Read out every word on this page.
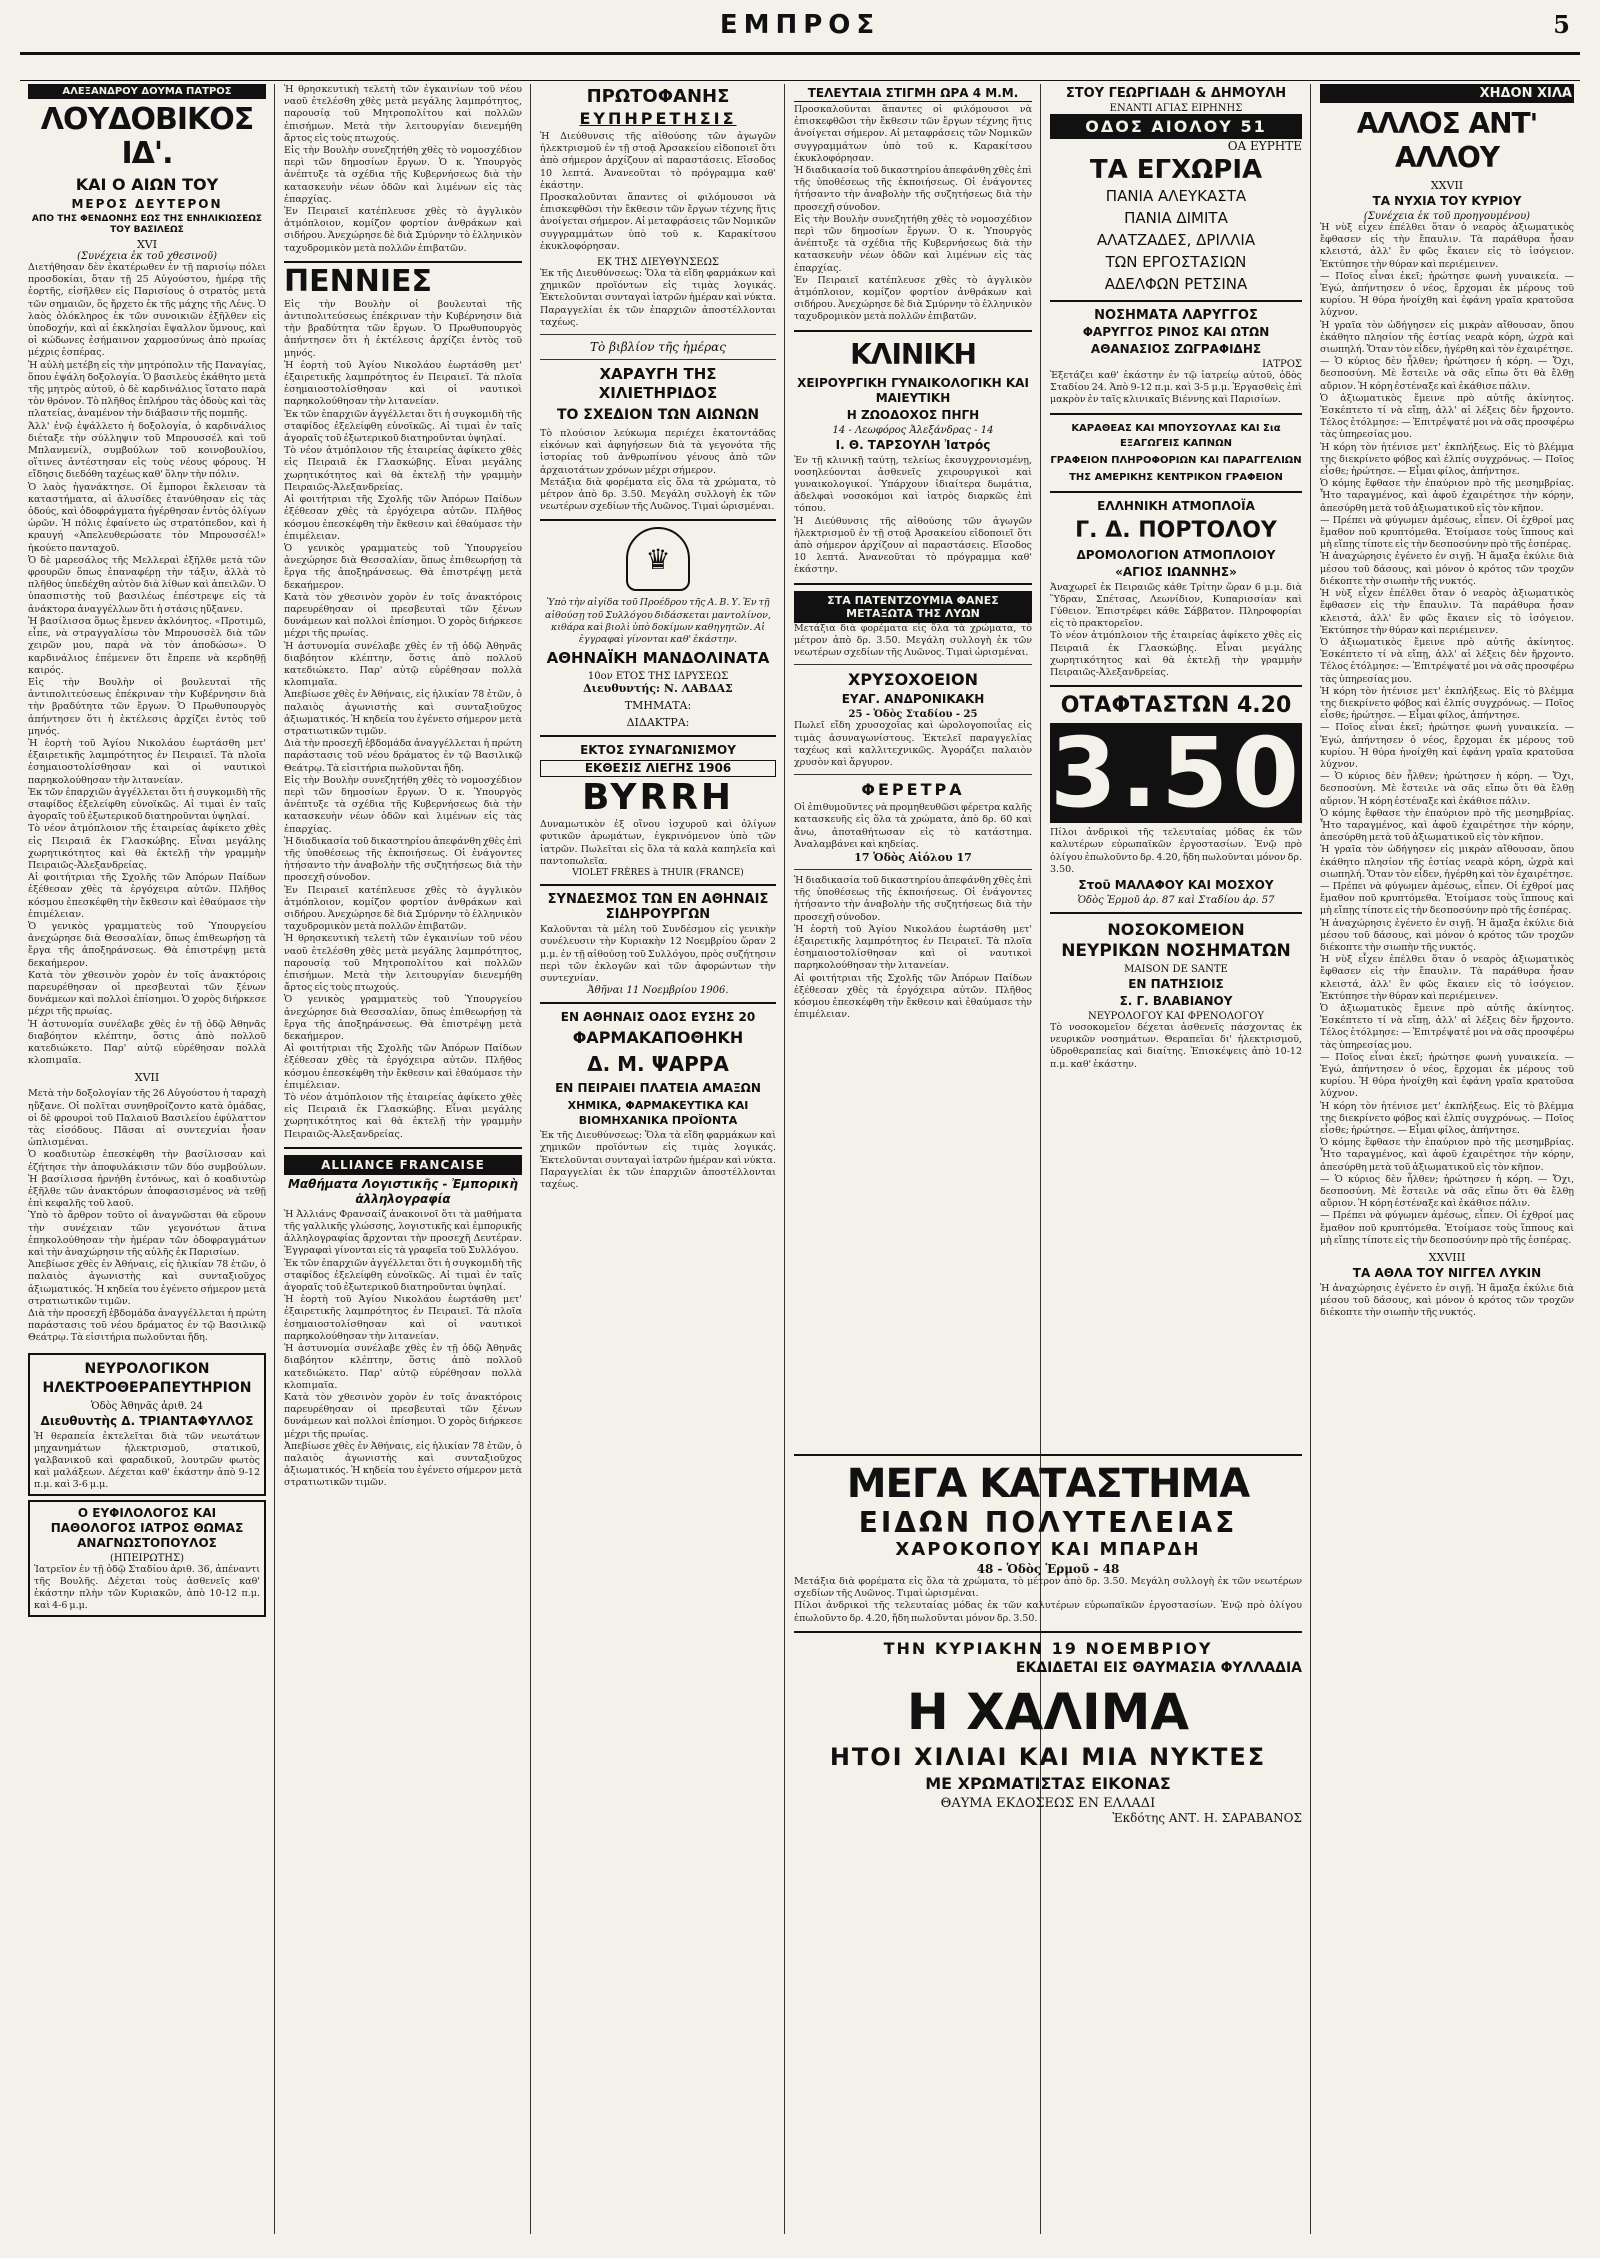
ΕΜΠΡΟΣ	5
ΑΛΕΞΑΝΔΡΟΥ ΔΟΥΜΑ ΠΑΤΡΟΣ
ΛΟΥΔΟΒΙΚΟΣ ΙΔ'.
ΚΑΙ Ο ΑΙΩΝ ΤΟΥ
ΜΕΡΟΣ ΔΕΥΤΕΡΟΝ
ΑΠΟ ΤΗΣ ΦΕΝΔΟΝΗΣ ΕΩΣ ΤΗΣ ΕΝΗΛΙΚΙΩΣΕΩΣ ΤΟΥ ΒΑΣΙΛΕΩΣ
XVI
(Συνέχεια ἐκ τοῦ χθεσινοῦ)

Διετήθησαν δὲν ἐκατέρωθεν ἐν τῇ παρισίῳ πόλει προσδοκίαι, ὅταν τῇ 25 Αὐγούστου, ἡμέρᾳ τῆς ἑορτῆς, εἰσῆλθεν εἰς Παρισίους ὁ στρατὸς μετὰ τῶν σημαιῶν, ὅς ἤρχετο ἐκ τῆς μάχης τῆς Λένς. Ὁ λαὸς ὁλόκληρος ἐκ τῶν συνοικιῶν ἐξῆλθεν εἰς ὑποδοχήν, καὶ αἱ ἐκκλησίαι ἔψαλλον ὕμνους, καὶ οἱ κώδωνες ἐσήμαινον χαρμοσύνως ἀπὸ πρωίας μέχρις ἑσπέρας.

Ἡ αὐλὴ μετέβη εἰς τὴν μητρόπολιν τῆς Παναγίας, ὅπου ἐψάλη δοξολογία. Ὁ βασιλεὺς ἐκάθητο μετὰ τῆς μητρὸς αὐτοῦ, ὁ δὲ καρδινάλιος ἵστατο παρὰ τὸν θρόνον. Τὸ πλῆθος ἐπλήρου τὰς ὁδοὺς καὶ τὰς πλατείας, ἀναμένον τὴν διάβασιν τῆς πομπῆς.

Ἀλλ' ἐνῷ ἐψάλλετο ἡ δοξολογία, ὁ καρδινάλιος διέταξε τὴν σύλληψιν τοῦ Μπρουσσέλ καὶ τοῦ Μπλανμενίλ, συμβούλων τοῦ κοινοβουλίου, οἵτινες ἀντέστησαν εἰς τοὺς νέους φόρους. Ἡ εἴδησις διεδόθη ταχέως καθ' ὅλην τὴν πόλιν.

Ὁ λαὸς ἠγανάκτησε. Οἱ ἔμποροι ἔκλεισαν τὰ καταστήματα, αἱ ἀλυσίδες ἐτανύθησαν εἰς τὰς ὁδούς, καὶ ὀδοφράγματα ἠγέρθησαν ἐντὸς ὀλίγων ὡρῶν. Ἡ πόλις ἐφαίνετο ὡς στρατόπεδον, καὶ ἡ κραυγή «Ἀπελευθερώσατε τὸν Μπρουσσέλ!» ἠκούετο πανταχοῦ.

Ὁ δὲ μαρεσάλος τῆς Μελλεραὶ ἐξῆλθε μετὰ τῶν φρουρῶν ὅπως ἐπαναφέρῃ τὴν τάξιν, ἀλλὰ τὸ πλῆθος ὑπεδέχθη αὐτὸν διὰ λίθων καὶ ἀπειλῶν. Ὁ ὑπασπιστὴς τοῦ βασιλέως ἐπέστρεψε εἰς τὰ ἀνάκτορα ἀναγγέλλων ὅτι ἡ στάσις ηὔξανεν.

Ἡ βασίλισσα ὅμως ἔμενεν ἀκλόνητος. «Προτιμῶ, εἶπε, νὰ στραγγαλίσω τὸν Μπρουσσὲλ διὰ τῶν χειρῶν μου, παρὰ νὰ τὸν ἀποδώσω». Ὁ καρδινάλιος ἐπέμενεν ὅτι ἔπρεπε νὰ κερδηθῇ καιρός.

Εἰς τὴν Βουλὴν οἱ βουλευταὶ τῆς ἀντιπολιτεύσεως ἐπέκριναν τὴν Κυβέρνησιν διὰ τὴν βραδύτητα τῶν ἔργων. Ὁ Πρωθυπουργὸς ἀπήντησεν ὅτι ἡ ἐκτέλεσις ἀρχίζει ἐντὸς τοῦ μηνός.

Ἡ ἑορτὴ τοῦ Ἁγίου Νικολάου ἐωρτάσθη μετ' ἐξαιρετικῆς λαμπρότητος ἐν Πειραιεῖ. Τὰ πλοῖα ἐσημαιοστολίσθησαν καὶ οἱ ναυτικοὶ παρηκολούθησαν τὴν λιτανείαν.

Ἐκ τῶν ἐπαρχιῶν ἀγγέλλεται ὅτι ἡ συγκομιδὴ τῆς σταφίδος ἐξελείφθη εὐνοϊκῶς. Αἱ τιμαὶ ἐν ταῖς ἀγοραῖς τοῦ ἐξωτερικοῦ διατηροῦνται ὑψηλαί.

Τὸ νέον ἀτμόπλοιον τῆς ἑταιρείας ἀφίκετο χθὲς εἰς Πειραιᾶ ἐκ Γλασκώβης. Εἶναι μεγάλης χωρητικότητος καὶ θὰ ἐκτελῇ τὴν γραμμὴν Πειραιῶς-Ἀλεξανδρείας.

Αἱ φοιτήτριαι τῆς Σχολῆς τῶν Ἀπόρων Παίδων ἐξέθεσαν χθὲς τὰ ἐργόχειρα αὐτῶν. Πλῆθος κόσμου ἐπεσκέφθη τὴν ἔκθεσιν καὶ ἐθαύμασε τὴν ἐπιμέλειαν.

Ὁ γενικὸς γραμματεὺς τοῦ Ὑπουργείου ἀνεχώρησε διὰ Θεσσαλίαν, ὅπως ἐπιθεωρήσῃ τὰ ἔργα τῆς ἀποξηράνσεως. Θὰ ἐπιστρέψῃ μετὰ δεκαήμερον.

Κατὰ τὸν χθεσινὸν χορὸν ἐν τοῖς ἀνακτόροις παρευρέθησαν οἱ πρεσβευταὶ τῶν ξένων δυνάμεων καὶ πολλοὶ ἐπίσημοι. Ὁ χορὸς διήρκεσε μέχρι τῆς πρωίας.

Ἡ ἀστυνομία συνέλαβε χθὲς ἐν τῇ ὁδῷ Ἀθηνᾶς διαβόητον κλέπτην, ὅστις ἀπὸ πολλοῦ κατεδιώκετο. Παρ' αὐτῷ εὑρέθησαν πολλὰ κλοπιμαῖα.

XVII

Μετὰ τὴν δοξολογίαν τῆς 26 Αὐγούστου ἡ ταραχὴ ηὔξανε. Οἱ πολῖται συνηθροίζοντο κατὰ ὁμάδας, οἱ δὲ φρουροὶ τοῦ Παλαιοῦ Βασιλείου ἐφύλαττον τὰς εἰσόδους. Πᾶσαι αἱ συντεχνίαι ἦσαν ὡπλισμέναι.

Ὁ κοαδιυτὼρ ἐπεσκέφθη τὴν βασίλισσαν καὶ ἐζήτησε τὴν ἀποφυλάκισιν τῶν δύο συμβούλων. Ἡ βασίλισσα ἠρνήθη ἐντόνως, καὶ ὁ κοαδιυτὼρ ἐξῆλθε τῶν ἀνακτόρων ἀποφασισμένος νὰ τεθῇ ἐπὶ κεφαλῆς τοῦ λαοῦ.

Ὑπὸ τὸ ἄρθρον τοῦτο οἱ ἀναγνῶσται θὰ εὕρουν τὴν συνέχειαν τῶν γεγονότων ἅτινα ἐπηκολούθησαν τὴν ἡμέραν τῶν ὀδοφραγμάτων καὶ τὴν ἀναχώρησιν τῆς αὐλῆς ἐκ Παρισίων.

Ἀπεβίωσε χθὲς ἐν Ἀθήναις, εἰς ἡλικίαν 78 ἐτῶν, ὁ παλαιὸς ἀγωνιστὴς καὶ συνταξιοῦχος ἀξιωματικός. Ἡ κηδεία του ἐγένετο σήμερον μετὰ στρατιωτικῶν τιμῶν.

Διὰ τὴν προσεχῆ ἑβδομάδα ἀναγγέλλεται ἡ πρώτη παράστασις τοῦ νέου δράματος ἐν τῷ Βασιλικῷ Θεάτρῳ. Τὰ εἰσιτήρια πωλοῦνται ἤδη.

ΝΕΥΡΟΛΟΓΙΚΟΝ ΗΛΕΚΤΡΟΘΕΡΑΠΕΥΤΗΡΙΟΝ
Ὁδὸς Ἀθηνᾶς ἀριθ. 24
Διευθυντὴς Δ. ΤΡΙΑΝΤΑΦΥΛΛΟΣ

Ἡ θεραπεία ἐκτελεῖται διὰ τῶν νεωτάτων μηχανημάτων ἠλεκτρισμοῦ, στατικοῦ, γαλβανικοῦ καὶ φαραδικοῦ, λουτρῶν φωτὸς καὶ μαλάξεων. Δέχεται καθ' ἑκάστην ἀπὸ 9-12 π.μ. καὶ 3-6 μ.μ.

Ο ΕΥΦΙΛΟΛΟΓΟΣ ΚΑΙ ΠΑΘΟΛΟΓΟΣ ΙΑΤΡΟΣ ΘΩΜΑΣ ΑΝΑΓΝΩΣΤΟΠΟΥΛΟΣ
(ΗΠΕΙΡΩΤΗΣ)

Ἰατρεῖον ἐν τῇ ὁδῷ Σταδίου ἀριθ. 36, ἀπέναντι τῆς Βουλῆς. Δέχεται τοὺς ἀσθενεῖς καθ' ἑκάστην πλὴν τῶν Κυριακῶν, ἀπὸ 10-12 π.μ. καὶ 4-6 μ.μ.

Ἡ θρησκευτικὴ τελετὴ τῶν ἐγκαινίων τοῦ νέου ναοῦ ἐτελέσθη χθὲς μετὰ μεγάλης λαμπρότητος, παρουσίᾳ τοῦ Μητροπολίτου καὶ πολλῶν ἐπισήμων. Μετὰ τὴν λειτουργίαν διενεμήθη ἄρτος εἰς τοὺς πτωχούς.

Εἰς τὴν Βουλὴν συνεζητήθη χθὲς τὸ νομοσχέδιον περὶ τῶν δημοσίων ἔργων. Ὁ κ. Ὑπουργὸς ἀνέπτυξε τὰ σχέδια τῆς Κυβερνήσεως διὰ τὴν κατασκευὴν νέων ὁδῶν καὶ λιμένων εἰς τὰς ἐπαρχίας.

Ἐν Πειραιεῖ κατέπλευσε χθὲς τὸ ἀγγλικὸν ἀτμόπλοιον, κομίζον φορτίον ἀνθράκων καὶ σιδήρου. Ἀνεχώρησε δὲ διὰ Σμύρνην τὸ ἑλληνικὸν ταχυδρομικὸν μετὰ πολλῶν ἐπιβατῶν.

ΠΕΝΝΙΕΣ

Εἰς τὴν Βουλὴν οἱ βουλευταὶ τῆς ἀντιπολιτεύσεως ἐπέκριναν τὴν Κυβέρνησιν διὰ τὴν βραδύτητα τῶν ἔργων. Ὁ Πρωθυπουργὸς ἀπήντησεν ὅτι ἡ ἐκτέλεσις ἀρχίζει ἐντὸς τοῦ μηνός.

Ἡ ἑορτὴ τοῦ Ἁγίου Νικολάου ἐωρτάσθη μετ' ἐξαιρετικῆς λαμπρότητος ἐν Πειραιεῖ. Τὰ πλοῖα ἐσημαιοστολίσθησαν καὶ οἱ ναυτικοὶ παρηκολούθησαν τὴν λιτανείαν.

Ἐκ τῶν ἐπαρχιῶν ἀγγέλλεται ὅτι ἡ συγκομιδὴ τῆς σταφίδος ἐξελείφθη εὐνοϊκῶς. Αἱ τιμαὶ ἐν ταῖς ἀγοραῖς τοῦ ἐξωτερικοῦ διατηροῦνται ὑψηλαί.

Τὸ νέον ἀτμόπλοιον τῆς ἑταιρείας ἀφίκετο χθὲς εἰς Πειραιᾶ ἐκ Γλασκώβης. Εἶναι μεγάλης χωρητικότητος καὶ θὰ ἐκτελῇ τὴν γραμμὴν Πειραιῶς-Ἀλεξανδρείας.

Αἱ φοιτήτριαι τῆς Σχολῆς τῶν Ἀπόρων Παίδων ἐξέθεσαν χθὲς τὰ ἐργόχειρα αὐτῶν. Πλῆθος κόσμου ἐπεσκέφθη τὴν ἔκθεσιν καὶ ἐθαύμασε τὴν ἐπιμέλειαν.

Ὁ γενικὸς γραμματεὺς τοῦ Ὑπουργείου ἀνεχώρησε διὰ Θεσσαλίαν, ὅπως ἐπιθεωρήσῃ τὰ ἔργα τῆς ἀποξηράνσεως. Θὰ ἐπιστρέψῃ μετὰ δεκαήμερον.

Κατὰ τὸν χθεσινὸν χορὸν ἐν τοῖς ἀνακτόροις παρευρέθησαν οἱ πρεσβευταὶ τῶν ξένων δυνάμεων καὶ πολλοὶ ἐπίσημοι. Ὁ χορὸς διήρκεσε μέχρι τῆς πρωίας.

Ἡ ἀστυνομία συνέλαβε χθὲς ἐν τῇ ὁδῷ Ἀθηνᾶς διαβόητον κλέπτην, ὅστις ἀπὸ πολλοῦ κατεδιώκετο. Παρ' αὐτῷ εὑρέθησαν πολλὰ κλοπιμαῖα.

Ἀπεβίωσε χθὲς ἐν Ἀθήναις, εἰς ἡλικίαν 78 ἐτῶν, ὁ παλαιὸς ἀγωνιστὴς καὶ συνταξιοῦχος ἀξιωματικός. Ἡ κηδεία του ἐγένετο σήμερον μετὰ στρατιωτικῶν τιμῶν.

Διὰ τὴν προσεχῆ ἑβδομάδα ἀναγγέλλεται ἡ πρώτη παράστασις τοῦ νέου δράματος ἐν τῷ Βασιλικῷ Θεάτρῳ. Τὰ εἰσιτήρια πωλοῦνται ἤδη.

Εἰς τὴν Βουλὴν συνεζητήθη χθὲς τὸ νομοσχέδιον περὶ τῶν δημοσίων ἔργων. Ὁ κ. Ὑπουργὸς ἀνέπτυξε τὰ σχέδια τῆς Κυβερνήσεως διὰ τὴν κατασκευὴν νέων ὁδῶν καὶ λιμένων εἰς τὰς ἐπαρχίας.

Ἡ διαδικασία τοῦ δικαστηρίου ἀπεφάνθη χθὲς ἐπὶ τῆς ὑποθέσεως τῆς ἐκποιήσεως. Οἱ ἐνάγοντες ἠτήσαντο τὴν ἀναβολὴν τῆς συζητήσεως διὰ τὴν προσεχῆ σύνοδον.

Ἐν Πειραιεῖ κατέπλευσε χθὲς τὸ ἀγγλικὸν ἀτμόπλοιον, κομίζον φορτίον ἀνθράκων καὶ σιδήρου. Ἀνεχώρησε δὲ διὰ Σμύρνην τὸ ἑλληνικὸν ταχυδρομικὸν μετὰ πολλῶν ἐπιβατῶν.

Ἡ θρησκευτικὴ τελετὴ τῶν ἐγκαινίων τοῦ νέου ναοῦ ἐτελέσθη χθὲς μετὰ μεγάλης λαμπρότητος, παρουσίᾳ τοῦ Μητροπολίτου καὶ πολλῶν ἐπισήμων. Μετὰ τὴν λειτουργίαν διενεμήθη ἄρτος εἰς τοὺς πτωχούς.

Ὁ γενικὸς γραμματεὺς τοῦ Ὑπουργείου ἀνεχώρησε διὰ Θεσσαλίαν, ὅπως ἐπιθεωρήσῃ τὰ ἔργα τῆς ἀποξηράνσεως. Θὰ ἐπιστρέψῃ μετὰ δεκαήμερον.

Αἱ φοιτήτριαι τῆς Σχολῆς τῶν Ἀπόρων Παίδων ἐξέθεσαν χθὲς τὰ ἐργόχειρα αὐτῶν. Πλῆθος κόσμου ἐπεσκέφθη τὴν ἔκθεσιν καὶ ἐθαύμασε τὴν ἐπιμέλειαν.

Τὸ νέον ἀτμόπλοιον τῆς ἑταιρείας ἀφίκετο χθὲς εἰς Πειραιᾶ ἐκ Γλασκώβης. Εἶναι μεγάλης χωρητικότητος καὶ θὰ ἐκτελῇ τὴν γραμμὴν Πειραιῶς-Ἀλεξανδρείας.

ALLIANCE FRANCAISE
Μαθήματα Λογιστικῆς - Ἐμπορικὴ ἀλληλογραφία

Ἡ Ἀλλιάνς Φρανσαίζ ἀνακοινοῖ ὅτι τὰ μαθήματα τῆς γαλλικῆς γλώσσης, λογιστικῆς καὶ ἐμπορικῆς ἀλληλογραφίας ἄρχονται τὴν προσεχῆ Δευτέραν. Ἐγγραφαὶ γίνονται εἰς τὰ γραφεῖα τοῦ Συλλόγου.

Ἐκ τῶν ἐπαρχιῶν ἀγγέλλεται ὅτι ἡ συγκομιδὴ τῆς σταφίδος ἐξελείφθη εὐνοϊκῶς. Αἱ τιμαὶ ἐν ταῖς ἀγοραῖς τοῦ ἐξωτερικοῦ διατηροῦνται ὑψηλαί.

Ἡ ἑορτὴ τοῦ Ἁγίου Νικολάου ἐωρτάσθη μετ' ἐξαιρετικῆς λαμπρότητος ἐν Πειραιεῖ. Τὰ πλοῖα ἐσημαιοστολίσθησαν καὶ οἱ ναυτικοὶ παρηκολούθησαν τὴν λιτανείαν.

Ἡ ἀστυνομία συνέλαβε χθὲς ἐν τῇ ὁδῷ Ἀθηνᾶς διαβόητον κλέπτην, ὅστις ἀπὸ πολλοῦ κατεδιώκετο. Παρ' αὐτῷ εὑρέθησαν πολλὰ κλοπιμαῖα.

Κατὰ τὸν χθεσινὸν χορὸν ἐν τοῖς ἀνακτόροις παρευρέθησαν οἱ πρεσβευταὶ τῶν ξένων δυνάμεων καὶ πολλοὶ ἐπίσημοι. Ὁ χορὸς διήρκεσε μέχρι τῆς πρωίας.

Ἀπεβίωσε χθὲς ἐν Ἀθήναις, εἰς ἡλικίαν 78 ἐτῶν, ὁ παλαιὸς ἀγωνιστὴς καὶ συνταξιοῦχος ἀξιωματικός. Ἡ κηδεία του ἐγένετο σήμερον μετὰ στρατιωτικῶν τιμῶν.

ΠΡΩΤΟΦΑΝΗΣ
ΕΥΠΗΡΕΤΗΣΙΣ

Ἡ Διεύθυνσις τῆς αἰθούσης τῶν ἀγωγῶν ἠλεκτρισμοῦ ἐν τῇ στοᾷ Ἀρσακείου εἰδοποιεῖ ὅτι ἀπὸ σήμερον ἀρχίζουν αἱ παραστάσεις. Εἴσοδος 10 λεπτά. Ἀνανεοῦται τὸ πρόγραμμα καθ' ἑκάστην.

Προσκαλοῦνται ἅπαντες οἱ φιλόμουσοι νὰ ἐπισκεφθῶσι τὴν ἔκθεσιν τῶν ἔργων τέχνης ἥτις ἀνοίγεται σήμερον. Αἱ μεταφράσεις τῶν Νομικῶν συγγραμμάτων ὑπὸ τοῦ κ. Καρακίτσου ἐκυκλοφόρησαν.

ΕΚ ΤΗΣ ΔΙΕΥΘΥΝΣΕΩΣ

Ἐκ τῆς Διευθύνσεως: Ὅλα τὰ εἴδη φαρμάκων καὶ χημικῶν προϊόντων εἰς τιμὰς λογικάς. Ἐκτελοῦνται συνταγαὶ ἰατρῶν ἡμέραν καὶ νύκτα. Παραγγελίαι ἐκ τῶν ἐπαρχιῶν ἀποστέλλονται ταχέως.

Τὸ βιβλίον τῆς ἡμέρας
ΧΑΡΑΥΓΗ ΤΗΣ ΧΙΛΙΕΤΗΡΙΔΟΣ
ΤΟ ΣΧΕΔΙΟΝ ΤΩΝ ΑΙΩΝΩΝ

Τὸ πλούσιον λεύκωμα περιέχει ἑκατοντάδας εἰκόνων καὶ ἀφηγήσεων διὰ τὰ γεγονότα τῆς ἱστορίας τοῦ ἀνθρωπίνου γένους ἀπὸ τῶν ἀρχαιοτάτων χρόνων μέχρι σήμερον.

Μετάξια διὰ φορέματα εἰς ὅλα τὰ χρώματα, τὸ μέτρον ἀπὸ δρ. 3.50. Μεγάλη συλλογὴ ἐκ τῶν νεωτέρων σχεδίων τῆς Λυῶνος. Τιμαὶ ὡρισμέναι.

♛

Ὑπὸ τὴν αἰγίδα τοῦ Προέδρου τῆς Α. Β. Υ. Ἐν τῇ αἰθούσῃ τοῦ Συλλόγου διδάσκεται μαντολίνον, κιθάρα καὶ βιολὶ ὑπὸ δοκίμων καθηγητῶν. Αἱ ἐγγραφαὶ γίνονται καθ' ἑκάστην.

ΑΘΗΝΑΪΚΗ ΜΑΝΔΟΛΙΝΑΤΑ
10ον ΕΤΟΣ ΤΗΣ ΙΔΡΥΣΕΩΣ
Διευθυντής: Ν. ΛΑΒΔΑΣ
ΤΜΗΜΑΤΑ:
ΔΙΔΑΚΤΡΑ:
ΕΚΤΟΣ ΣΥΝΑΓΩΝΙΣΜΟΥ
ΕΚΘΕΣΙΣ ΛΙΕΓΗΣ 1906
BYRRH

Δυναμωτικὸν ἐξ οἴνου ἰσχυροῦ καὶ ὀλίγων φυτικῶν ἀρωμάτων, ἐγκρινόμενον ὑπὸ τῶν ἰατρῶν. Πωλεῖται εἰς ὅλα τὰ καλὰ καπηλεῖα καὶ παντοπωλεῖα.

VIOLET FRÈRES à THUIR (FRANCE)
ΣΥΝΔΕΣΜΟΣ ΤΩΝ ΕΝ ΑΘΗΝΑΙΣ ΣΙΔΗΡΟΥΡΓΩΝ

Καλοῦνται τὰ μέλη τοῦ Συνδέσμου εἰς γενικὴν συνέλευσιν τὴν Κυριακὴν 12 Νοεμβρίου ὥραν 2 μ.μ. ἐν τῇ αἰθούσῃ τοῦ Συλλόγου, πρὸς συζήτησιν περὶ τῶν ἐκλογῶν καὶ τῶν ἀφορώντων τὴν συντεχνίαν.

Ἀθῆναι 11 Νοεμβρίου 1906.
ΕΝ ΑΘΗΝΑΙΣ ΟΔΟΣ ΕΥΣΗΣ 20
ΦΑΡΜΑΚΑΠΟΘΗΚΗ
Δ. Μ. ΨΑΡΡΑ
ΕΝ ΠΕΙΡΑΙΕΙ ΠΛΑΤΕΙΑ ΑΜΑΞΩΝ
ΧΗΜΙΚΑ, ΦΑΡΜΑΚΕΥΤΙΚΑ ΚΑΙ ΒΙΟΜΗΧΑΝΙΚΑ ΠΡΟΪΟΝΤΑ

Ἐκ τῆς Διευθύνσεως: Ὅλα τὰ εἴδη φαρμάκων καὶ χημικῶν προϊόντων εἰς τιμὰς λογικάς. Ἐκτελοῦνται συνταγαὶ ἰατρῶν ἡμέραν καὶ νύκτα. Παραγγελίαι ἐκ τῶν ἐπαρχιῶν ἀποστέλλονται ταχέως.

ΤΕΛΕΥΤΑΙΑ ΣΤΙΓΜΗ ΩΡΑ 4 Μ.Μ.

Προσκαλοῦνται ἅπαντες οἱ φιλόμουσοι νὰ ἐπισκεφθῶσι τὴν ἔκθεσιν τῶν ἔργων τέχνης ἥτις ἀνοίγεται σήμερον. Αἱ μεταφράσεις τῶν Νομικῶν συγγραμμάτων ὑπὸ τοῦ κ. Καρακίτσου ἐκυκλοφόρησαν.

Ἡ διαδικασία τοῦ δικαστηρίου ἀπεφάνθη χθὲς ἐπὶ τῆς ὑποθέσεως τῆς ἐκποιήσεως. Οἱ ἐνάγοντες ἠτήσαντο τὴν ἀναβολὴν τῆς συζητήσεως διὰ τὴν προσεχῆ σύνοδον.

Εἰς τὴν Βουλὴν συνεζητήθη χθὲς τὸ νομοσχέδιον περὶ τῶν δημοσίων ἔργων. Ὁ κ. Ὑπουργὸς ἀνέπτυξε τὰ σχέδια τῆς Κυβερνήσεως διὰ τὴν κατασκευὴν νέων ὁδῶν καὶ λιμένων εἰς τὰς ἐπαρχίας.

Ἐν Πειραιεῖ κατέπλευσε χθὲς τὸ ἀγγλικὸν ἀτμόπλοιον, κομίζον φορτίον ἀνθράκων καὶ σιδήρου. Ἀνεχώρησε δὲ διὰ Σμύρνην τὸ ἑλληνικὸν ταχυδρομικὸν μετὰ πολλῶν ἐπιβατῶν.

ΚΛΙΝΙΚΗ
ΧΕΙΡΟΥΡΓΙΚΗ ΓΥΝΑΙΚΟΛΟΓΙΚΗ ΚΑΙ ΜΑΙΕΥΤΙΚΗ
Η ΖΩΟΔΟΧΟΣ ΠΗΓΗ
14 - Λεωφόρος Ἀλεξάνδρας - 14
Ι. Θ. ΤΑΡΣΟΥΛΗ Ἰατρός

Ἐν τῇ κλινικῇ ταύτῃ, τελείως ἐκσυγχρονισμένῃ, νοσηλεύονται ἀσθενεῖς χειρουργικοὶ καὶ γυναικολογικοί. Ὑπάρχουν ἰδιαίτερα δωμάτια, ἀδελφαὶ νοσοκόμοι καὶ ἰατρὸς διαρκῶς ἐπὶ τόπου.

Ἡ Διεύθυνσις τῆς αἰθούσης τῶν ἀγωγῶν ἠλεκτρισμοῦ ἐν τῇ στοᾷ Ἀρσακείου εἰδοποιεῖ ὅτι ἀπὸ σήμερον ἀρχίζουν αἱ παραστάσεις. Εἴσοδος 10 λεπτά. Ἀνανεοῦται τὸ πρόγραμμα καθ' ἑκάστην.

ΣΤΑ ΠΑΤΕΝΤΖΟΥΜΙΑ ΦΑΝΕΣ ΜΕΤΑΞΩΤΑ ΤΗΣ ΛΥΩΝ

Μετάξια διὰ φορέματα εἰς ὅλα τὰ χρώματα, τὸ μέτρον ἀπὸ δρ. 3.50. Μεγάλη συλλογὴ ἐκ τῶν νεωτέρων σχεδίων τῆς Λυῶνος. Τιμαὶ ὡρισμέναι.

ΧΡΥΣΟΧΟΕΙΟΝ
ΕΥΑΓ. ΑΝΔΡΟΝΙΚΑΚΗ
25 - Ὁδὸς Σταδίου - 25

Πωλεῖ εἴδη χρυσοχοΐας καὶ ὡρολογοποιΐας εἰς τιμὰς ἀσυναγωνίστους. Ἐκτελεῖ παραγγελίας ταχέως καὶ καλλιτεχνικῶς. Ἀγοράζει παλαιὸν χρυσὸν καὶ ἄργυρον.

ΦΕΡΕΤΡΑ

Οἱ ἐπιθυμοῦντες νὰ προμηθευθῶσι φέρετρα καλῆς κατασκευῆς εἰς ὅλα τὰ χρώματα, ἀπὸ δρ. 60 καὶ ἄνω, ἀποταθήτωσαν εἰς τὸ κατάστημα. Ἀναλαμβάνει καὶ κηδείας.

17 Ὁδὸς Αἰόλου 17

Ἡ διαδικασία τοῦ δικαστηρίου ἀπεφάνθη χθὲς ἐπὶ τῆς ὑποθέσεως τῆς ἐκποιήσεως. Οἱ ἐνάγοντες ἠτήσαντο τὴν ἀναβολὴν τῆς συζητήσεως διὰ τὴν προσεχῆ σύνοδον.

Ἡ ἑορτὴ τοῦ Ἁγίου Νικολάου ἐωρτάσθη μετ' ἐξαιρετικῆς λαμπρότητος ἐν Πειραιεῖ. Τὰ πλοῖα ἐσημαιοστολίσθησαν καὶ οἱ ναυτικοὶ παρηκολούθησαν τὴν λιτανείαν.

Αἱ φοιτήτριαι τῆς Σχολῆς τῶν Ἀπόρων Παίδων ἐξέθεσαν χθὲς τὰ ἐργόχειρα αὐτῶν. Πλῆθος κόσμου ἐπεσκέφθη τὴν ἔκθεσιν καὶ ἐθαύμασε τὴν ἐπιμέλειαν.

ΣΤΟΥ ΓΕΩΡΓΙΑΔΗ & ΔΗΜΟΥΛΗ
ΕΝΑΝΤΙ ΑΓΙΑΣ ΕΙΡΗΝΗΣ
ΟΔΟΣ ΑΙΟΛΟΥ 51
ΟΑ ΕΥΡΗΤΕ
ΤΑ ΕΓΧΩΡΙΑ
ΠΑΝΙΑ ΑΛΕΥΚΑΣΤΑ
ΠΑΝΙΑ ΔΙΜΙΤΑ
ΑΛΑΤΖΑΔΕΣ, ΔΡΙΛΛΙΑ
ΤΩΝ ΕΡΓΟΣΤΑΣΙΩΝ
ΑΔΕΛΦΩΝ ΡΕΤΣΙΝΑ
ΝΟΣΗΜΑΤΑ ΛΑΡΥΓΓΟΣ
ΦΑΡΥΓΓΟΣ ΡΙΝΟΣ ΚΑΙ ΩΤΩΝ
ΑΘΑΝΑΣΙΟΣ ΖΩΓΡΑΦΙΔΗΣ
ΙΑΤΡΟΣ

Ἐξετάζει καθ' ἑκάστην ἐν τῷ ἰατρείῳ αὐτοῦ, ὁδὸς Σταδίου 24. Ἀπὸ 9-12 π.μ. καὶ 3-5 μ.μ. Ἐργασθεὶς ἐπὶ μακρὸν ἐν ταῖς κλινικαῖς Βιέννης καὶ Παρισίων.

ΚΑΡΑΘΕΑΣ ΚΑΙ ΜΠΟΥΣΟΥΛΑΣ ΚΑΙ Σια ΕΞΑΓΩΓΕΙΣ ΚΑΠΝΩΝ
ΓΡΑΦΕΙΟΝ ΠΛΗΡΟΦΟΡΙΩΝ ΚΑΙ ΠΑΡΑΓΓΕΛΙΩΝ
ΤΗΣ ΑΜΕΡΙΚΗΣ ΚΕΝΤΡΙΚΟΝ ΓΡΑΦΕΙΟΝ
ΕΛΛΗΝΙΚΗ ΑΤΜΟΠΛΟΪΑ
Γ. Δ. ΠΟΡΤΟΛΟΥ
ΔΡΟΜΟΛΟΓΙΟΝ ΑΤΜΟΠΛΟΙΟΥ
«ΑΓΙΟΣ ΙΩΑΝΝΗΣ»

Ἀναχωρεῖ ἐκ Πειραιῶς κάθε Τρίτην ὥραν 6 μ.μ. διὰ Ὕδραν, Σπέτσας, Λεωνίδιον, Κυπαρισσίαν καὶ Γύθειον. Ἐπιστρέφει κάθε Σάββατον. Πληροφορίαι εἰς τὸ πρακτορεῖον.

Τὸ νέον ἀτμόπλοιον τῆς ἑταιρείας ἀφίκετο χθὲς εἰς Πειραιᾶ ἐκ Γλασκώβης. Εἶναι μεγάλης χωρητικότητος καὶ θὰ ἐκτελῇ τὴν γραμμὴν Πειραιῶς-Ἀλεξανδρείας.

ΟΤΑΦΤΑΣΤΩΝ 4.20
3.50

Πίλοι ἀνδρικοὶ τῆς τελευταίας μόδας ἐκ τῶν καλυτέρων εὐρωπαϊκῶν ἐργοστασίων. Ἐνῷ πρὸ ὀλίγου ἐπωλοῦντο δρ. 4.20, ἤδη πωλοῦνται μόνον δρ. 3.50.

Στοῦ ΜΑΛΑΦΟΥ ΚΑΙ ΜΟΣΧΟΥ
Ὁδὸς Ἑρμοῦ ἀρ. 87 καὶ Σταδίου ἀρ. 57
ΝΟΣΟΚΟΜΕΙΟΝ
ΝΕΥΡΙΚΩΝ ΝΟΣΗΜΑΤΩΝ
MAISON DE SANTE
ΕΝ ΠΑΤΗΣΙΟΙΣ
Σ. Γ. ΒΛΑΒΙΑΝΟΥ
ΝΕΥΡΟΛΟΓΟΥ ΚΑΙ ΦΡΕΝΟΛΟΓΟΥ

Τὸ νοσοκομεῖον δέχεται ἀσθενεῖς πάσχοντας ἐκ νευρικῶν νοσημάτων. Θεραπεῖαι δι' ἠλεκτρισμοῦ, ὑδροθεραπείας καὶ διαίτης. Ἐπισκέψεις ἀπὸ 10-12 π.μ. καθ' ἑκάστην.

ΜΕΓΑ ΚΑΤΑΣΤΗΜΑ
ΕΙΔΩΝ ΠΟΛΥΤΕΛΕΙΑΣ
ΧΑΡΟΚΟΠΟΥ ΚΑΙ ΜΠΑΡΔΗ
48 - Ὁδὸς Ἑρμοῦ - 48

Μετάξια διὰ φορέματα εἰς ὅλα τὰ χρώματα, τὸ μέτρον ἀπὸ δρ. 3.50. Μεγάλη συλλογὴ ἐκ τῶν νεωτέρων σχεδίων τῆς Λυῶνος. Τιμαὶ ὡρισμέναι.

Πίλοι ἀνδρικοὶ τῆς τελευταίας μόδας ἐκ τῶν καλυτέρων εὐρωπαϊκῶν ἐργοστασίων. Ἐνῷ πρὸ ὀλίγου ἐπωλοῦντο δρ. 4.20, ἤδη πωλοῦνται μόνον δρ. 3.50.

ΤΗΝ ΚΥΡΙΑΚΗΝ 19 ΝΟΕΜΒΡΙΟΥ
ΕΚΔΙΔΕΤΑΙ ΕΙΣ ΘΑΥΜΑΣΙΑ ΦΥΛΛΑΔΙΑ
Η ΧΑΛΙΜΑ
ΗΤΟΙ ΧΙΛΙΑΙ ΚΑΙ ΜΙΑ ΝΥΚΤΕΣ
ΜΕ ΧΡΩΜΑΤΙΣΤΑΣ ΕΙΚΟΝΑΣ
ΘΑΥΜΑ ΕΚΔΟΣΕΩΣ ΕΝ ΕΛΛΑΔΙ
Ἐκδότης ΑΝΤ. Η. ΣΑΡΑΒΑΝΟΣ
ΧΗΔΟΝ ΧΙΛΑ
ΑΛΛΟΣ ΑΝΤ' ΑΛΛΟΥ
XXVII
ΤΑ ΝΥΧΙΑ ΤΟΥ ΚΥΡΙΟΥ
(Συνέχεια ἐκ τοῦ προηγουμένου)

Ἡ νὺξ εἶχεν ἐπέλθει ὅταν ὁ νεαρὸς ἀξιωματικὸς ἔφθασεν εἰς τὴν ἔπαυλιν. Τὰ παράθυρα ἦσαν κλειστά, ἀλλ' ἓν φῶς ἔκαιεν εἰς τὸ ἰσόγειον. Ἐκτύπησε τὴν θύραν καὶ περιέμεινεν.

— Ποῖος εἶναι ἐκεῖ; ἠρώτησε φωνὴ γυναικεία. — Ἐγώ, ἀπήντησεν ὁ νέος, ἔρχομαι ἐκ μέρους τοῦ κυρίου. Ἡ θύρα ἠνοίχθη καὶ ἐφάνη γραῖα κρατοῦσα λύχνον.

Ἡ γραῖα τὸν ὡδήγησεν εἰς μικρὰν αἴθουσαν, ὅπου ἐκάθητο πλησίον τῆς ἑστίας νεαρὰ κόρη, ὠχρὰ καὶ σιωπηλή. Ὅταν τὸν εἶδεν, ἠγέρθη καὶ τὸν ἐχαιρέτησε.

— Ὁ κύριος δὲν ἦλθεν; ἠρώτησεν ἡ κόρη. — Ὄχι, δεσποσύνη. Μὲ ἔστειλε νὰ σᾶς εἴπω ὅτι θὰ ἔλθῃ αὔριον. Ἡ κόρη ἐστέναξε καὶ ἐκάθισε πάλιν.

Ὁ ἀξιωματικὸς ἔμεινε πρὸ αὐτῆς ἀκίνητος. Ἐσκέπτετο τί νὰ εἴπῃ, ἀλλ' αἱ λέξεις δὲν ἤρχοντο. Τέλος ἐτόλμησε: — Ἐπιτρέψατέ μοι νὰ σᾶς προσφέρω τὰς ὑπηρεσίας μου.

Ἡ κόρη τὸν ἠτένισε μετ' ἐκπλήξεως. Εἰς τὸ βλέμμα της διεκρίνετο φόβος καὶ ἐλπίς συγχρόνως. — Ποῖος εἶσθε; ἠρώτησε. — Εἶμαι φίλος, ἀπήντησε.

Ὁ κόμης ἔφθασε τὴν ἐπαύριον πρὸ τῆς μεσημβρίας. Ἦτο ταραγμένος, καὶ ἀφοῦ ἐχαιρέτησε τὴν κόρην, ἀπεσύρθη μετὰ τοῦ ἀξιωματικοῦ εἰς τὸν κῆπον.

— Πρέπει νὰ φύγωμεν ἀμέσως, εἶπεν. Οἱ ἐχθροί μας ἔμαθον ποῦ κρυπτόμεθα. Ἐτοίμασε τοὺς ἵππους καὶ μὴ εἴπῃς τίποτε εἰς τὴν δεσποσύνην πρὸ τῆς ἑσπέρας.

Ἡ ἀναχώρησις ἐγένετο ἐν σιγῇ. Ἡ ἅμαξα ἐκύλιε διὰ μέσου τοῦ δάσους, καὶ μόνον ὁ κρότος τῶν τροχῶν διέκοπτε τὴν σιωπὴν τῆς νυκτός.

Ἡ νὺξ εἶχεν ἐπέλθει ὅταν ὁ νεαρὸς ἀξιωματικὸς ἔφθασεν εἰς τὴν ἔπαυλιν. Τὰ παράθυρα ἦσαν κλειστά, ἀλλ' ἓν φῶς ἔκαιεν εἰς τὸ ἰσόγειον. Ἐκτύπησε τὴν θύραν καὶ περιέμεινεν.

Ὁ ἀξιωματικὸς ἔμεινε πρὸ αὐτῆς ἀκίνητος. Ἐσκέπτετο τί νὰ εἴπῃ, ἀλλ' αἱ λέξεις δὲν ἤρχοντο. Τέλος ἐτόλμησε: — Ἐπιτρέψατέ μοι νὰ σᾶς προσφέρω τὰς ὑπηρεσίας μου.

Ἡ κόρη τὸν ἠτένισε μετ' ἐκπλήξεως. Εἰς τὸ βλέμμα της διεκρίνετο φόβος καὶ ἐλπίς συγχρόνως. — Ποῖος εἶσθε; ἠρώτησε. — Εἶμαι φίλος, ἀπήντησε.

— Ποῖος εἶναι ἐκεῖ; ἠρώτησε φωνὴ γυναικεία. — Ἐγώ, ἀπήντησεν ὁ νέος, ἔρχομαι ἐκ μέρους τοῦ κυρίου. Ἡ θύρα ἠνοίχθη καὶ ἐφάνη γραῖα κρατοῦσα λύχνον.

— Ὁ κύριος δὲν ἦλθεν; ἠρώτησεν ἡ κόρη. — Ὄχι, δεσποσύνη. Μὲ ἔστειλε νὰ σᾶς εἴπω ὅτι θὰ ἔλθῃ αὔριον. Ἡ κόρη ἐστέναξε καὶ ἐκάθισε πάλιν.

Ὁ κόμης ἔφθασε τὴν ἐπαύριον πρὸ τῆς μεσημβρίας. Ἦτο ταραγμένος, καὶ ἀφοῦ ἐχαιρέτησε τὴν κόρην, ἀπεσύρθη μετὰ τοῦ ἀξιωματικοῦ εἰς τὸν κῆπον.

Ἡ γραῖα τὸν ὡδήγησεν εἰς μικρὰν αἴθουσαν, ὅπου ἐκάθητο πλησίον τῆς ἑστίας νεαρὰ κόρη, ὠχρὰ καὶ σιωπηλή. Ὅταν τὸν εἶδεν, ἠγέρθη καὶ τὸν ἐχαιρέτησε.

— Πρέπει νὰ φύγωμεν ἀμέσως, εἶπεν. Οἱ ἐχθροί μας ἔμαθον ποῦ κρυπτόμεθα. Ἐτοίμασε τοὺς ἵππους καὶ μὴ εἴπῃς τίποτε εἰς τὴν δεσποσύνην πρὸ τῆς ἑσπέρας.

Ἡ ἀναχώρησις ἐγένετο ἐν σιγῇ. Ἡ ἅμαξα ἐκύλιε διὰ μέσου τοῦ δάσους, καὶ μόνον ὁ κρότος τῶν τροχῶν διέκοπτε τὴν σιωπὴν τῆς νυκτός.

Ἡ νὺξ εἶχεν ἐπέλθει ὅταν ὁ νεαρὸς ἀξιωματικὸς ἔφθασεν εἰς τὴν ἔπαυλιν. Τὰ παράθυρα ἦσαν κλειστά, ἀλλ' ἓν φῶς ἔκαιεν εἰς τὸ ἰσόγειον. Ἐκτύπησε τὴν θύραν καὶ περιέμεινεν.

Ὁ ἀξιωματικὸς ἔμεινε πρὸ αὐτῆς ἀκίνητος. Ἐσκέπτετο τί νὰ εἴπῃ, ἀλλ' αἱ λέξεις δὲν ἤρχοντο. Τέλος ἐτόλμησε: — Ἐπιτρέψατέ μοι νὰ σᾶς προσφέρω τὰς ὑπηρεσίας μου.

— Ποῖος εἶναι ἐκεῖ; ἠρώτησε φωνὴ γυναικεία. — Ἐγώ, ἀπήντησεν ὁ νέος, ἔρχομαι ἐκ μέρους τοῦ κυρίου. Ἡ θύρα ἠνοίχθη καὶ ἐφάνη γραῖα κρατοῦσα λύχνον.

Ἡ κόρη τὸν ἠτένισε μετ' ἐκπλήξεως. Εἰς τὸ βλέμμα της διεκρίνετο φόβος καὶ ἐλπίς συγχρόνως. — Ποῖος εἶσθε; ἠρώτησε. — Εἶμαι φίλος, ἀπήντησε.

Ὁ κόμης ἔφθασε τὴν ἐπαύριον πρὸ τῆς μεσημβρίας. Ἦτο ταραγμένος, καὶ ἀφοῦ ἐχαιρέτησε τὴν κόρην, ἀπεσύρθη μετὰ τοῦ ἀξιωματικοῦ εἰς τὸν κῆπον.

— Ὁ κύριος δὲν ἦλθεν; ἠρώτησεν ἡ κόρη. — Ὄχι, δεσποσύνη. Μὲ ἔστειλε νὰ σᾶς εἴπω ὅτι θὰ ἔλθῃ αὔριον. Ἡ κόρη ἐστέναξε καὶ ἐκάθισε πάλιν.

— Πρέπει νὰ φύγωμεν ἀμέσως, εἶπεν. Οἱ ἐχθροί μας ἔμαθον ποῦ κρυπτόμεθα. Ἐτοίμασε τοὺς ἵππους καὶ μὴ εἴπῃς τίποτε εἰς τὴν δεσποσύνην πρὸ τῆς ἑσπέρας.

XXVIII
ΤΑ ΑΘΛΑ ΤΟΥ ΝΙΓΓΕΛ ΛΥΚΙΝ

Ἡ ἀναχώρησις ἐγένετο ἐν σιγῇ. Ἡ ἅμαξα ἐκύλιε διὰ μέσου τοῦ δάσους, καὶ μόνον ὁ κρότος τῶν τροχῶν διέκοπτε τὴν σιωπὴν τῆς νυκτός.
